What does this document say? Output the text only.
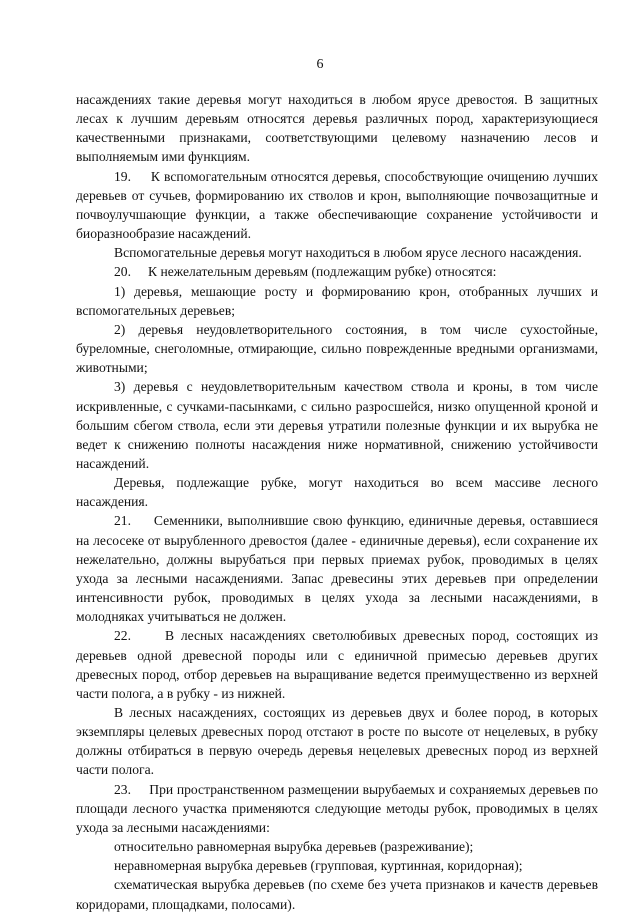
6

насаждениях такие деревья могут находиться в любом ярусе древостоя. В защитных лесах к лучшим деревьям относятся деревья различных пород, характеризующиеся качественными признаками, соответствующими целевому назначению лесов и выполняемым ими функциям.

19.     К вспомогательным относятся деревья, способствующие очищению лучших деревьев от сучьев, формированию их стволов и крон, выполняющие почвозащитные и почвоулучшающие функции, а также обеспечивающие сохранение устойчивости и биоразнообразие насаждений.

Вспомогательные деревья могут находиться в любом ярусе лесного насаждения.

20.     К нежелательным деревьям (подлежащим рубке) относятся:

1) деревья, мешающие росту и формированию крон, отобранных лучших и вспомогательных деревьев;

2) деревья неудовлетворительного состояния, в том числе сухостойные, буреломные, снеголомные, отмирающие, сильно поврежденные вредными организмами, животными;

3) деревья с неудовлетворительным качеством ствола и кроны, в том числе искривленные, с сучками-пасынками, с сильно разросшейся, низко опущенной кроной и большим сбегом ствола, если эти деревья утратили полезные функции и их вырубка не ведет к снижению полноты насаждения ниже нормативной, снижению устойчивости насаждений.

Деревья, подлежащие рубке, могут находиться во всем массиве лесного насаждения.

21.     Семенники, выполнившие свою функцию, единичные деревья, оставшиеся на лесосеке от вырубленного древостоя (далее - единичные деревья), если сохранение их нежелательно, должны вырубаться при первых приемах рубок, проводимых в целях ухода за лесными насаждениями. Запас древесины этих деревьев при определении интенсивности рубок, проводимых в целях ухода за лесными насаждениями, в молодняках учитываться не должен.

22.     В лесных насаждениях светолюбивых древесных пород, состоящих из деревьев одной древесной породы или с единичной примесью деревьев других древесных пород, отбор деревьев на выращивание ведется преимущественно из верхней части полога, а в рубку - из нижней.

В лесных насаждениях, состоящих из деревьев двух и более пород, в которых экземпляры целевых древесных пород отстают в росте по высоте от нецелевых, в рубку должны отбираться в первую очередь деревья нецелевых древесных пород из верхней части полога.

23.     При пространственном размещении вырубаемых и сохраняемых деревьев по площади лесного участка применяются следующие методы рубок, проводимых в целях ухода за лесными насаждениями:

относительно равномерная вырубка деревьев (разреживание);

неравномерная вырубка деревьев (групповая, куртинная, коридорная);

схематическая вырубка деревьев (по схеме без учета признаков и качеств деревьев коридорами, площадками, полосами).
